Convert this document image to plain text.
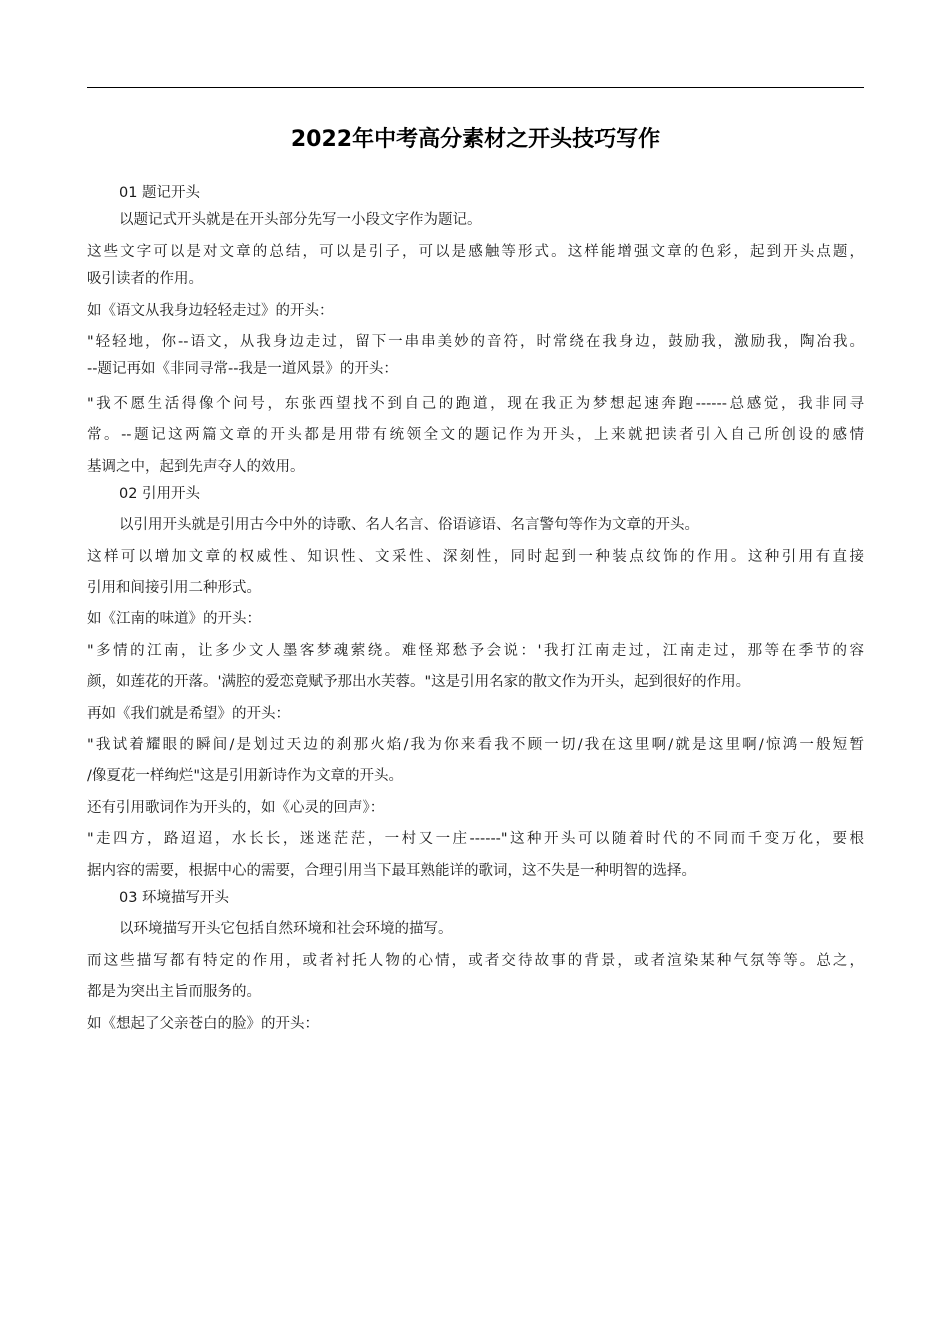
2022年中考高分素材之开头技巧写作
01 题记开头
以题记式开头就是在开头部分先写一小段文字作为题记。
这些文字可以是对文章的总结，可以是引子，可以是感触等形式。这样能增强文章的色彩，起到开头点题，
吸引读者的作用。
如《语文从我身边轻轻走过》的开头：
"轻轻地，你--语文，从我身边走过，留下一串串美妙的音符，时常绕在我身边，鼓励我，激励我，陶冶我。
--题记再如《非同寻常--我是一道风景》的开头：
"我不愿生活得像个问号，东张西望找不到自己的跑道，现在我正为梦想起速奔跑------总感觉，我非同寻
常。--题记这两篇文章的开头都是用带有统领全文的题记作为开头，上来就把读者引入自己所创设的感情
基调之中，起到先声夺人的效用。
02 引用开头
以引用开头就是引用古今中外的诗歌、名人名言、俗语谚语、名言警句等作为文章的开头。
这样可以增加文章的权威性、知识性、文采性、深刻性，同时起到一种装点纹饰的作用。这种引用有直接
引用和间接引用二种形式。
如《江南的味道》的开头：
"多情的江南，让多少文人墨客梦魂萦绕。难怪郑愁予会说：'我打江南走过，江南走过，那等在季节的容
颜，如莲花的开落。'满腔的爱恋竟赋予那出水芙蓉。"这是引用名家的散文作为开头，起到很好的作用。
再如《我们就是希望》的开头：
"我试着耀眼的瞬间/是划过天边的刹那火焰/我为你来看我不顾一切/我在这里啊/就是这里啊/惊鸿一般短暂
/像夏花一样绚烂"这是引用新诗作为文章的开头。
还有引用歌词作为开头的，如《心灵的回声》：
"走四方，路迢迢，水长长，迷迷茫茫，一村又一庄------"这种开头可以随着时代的不同而千变万化，要根
据内容的需要，根据中心的需要，合理引用当下最耳熟能详的歌词，这不失是一种明智的选择。
03 环境描写开头
以环境描写开头它包括自然环境和社会环境的描写。
而这些描写都有特定的作用，或者衬托人物的心情，或者交待故事的背景，或者渲染某种气氛等等。总之，
都是为突出主旨而服务的。
如《想起了父亲苍白的脸》的开头：
